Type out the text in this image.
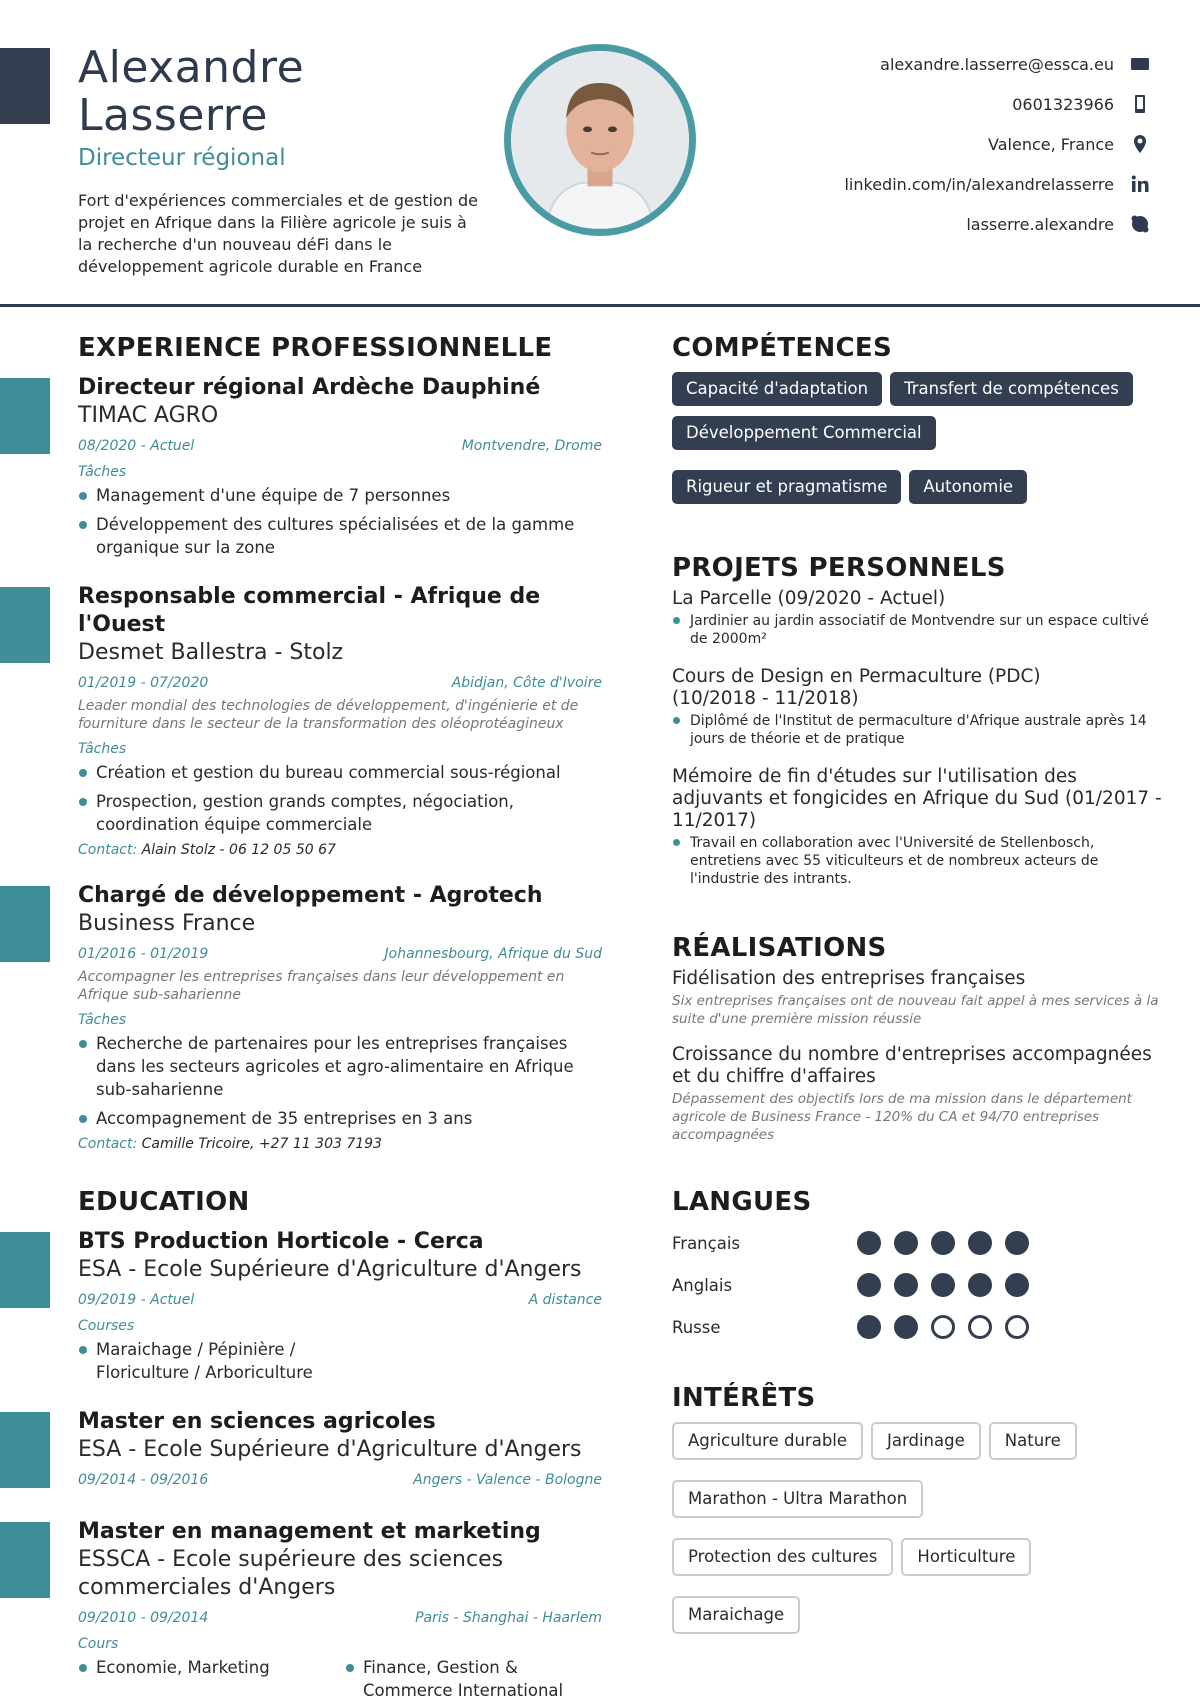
Alexandre
Lasserre
Directeur régional
Fort d'expériences commerciales et de gestion de projet en Afrique dans la Filière agricole je suis à la recherche d'un nouveau déFi dans le développement agricole durable en France
alexandre.lasserre@essca.eu
0601323966
Valence, France
linkedin.com/in/alexandrelasserre
lasserre.alexandre
EXPERIENCE PROFESSIONNELLE
Directeur régional Ardèche Dauphiné
TIMAC AGRO
08/2020 - Actuel	Montvendre, Drome
Tâches
Management d'une équipe de 7 personnes
Développement des cultures spécialisées et de la gamme organique sur la zone
Responsable commercial - Afrique de l'Ouest
Desmet Ballestra - Stolz
01/2019 - 07/2020	Abidjan, Côte d'Ivoire
Leader mondial des technologies de développement, d'ingénierie et de fourniture dans le secteur de la transformation des oléoprotéagineux
Tâches
Création et gestion du bureau commercial sous-régional
Prospection, gestion grands comptes, négociation, coordination équipe commerciale
Contact: Alain Stolz - 06 12 05 50 67
Chargé de développement - Agrotech
Business France
01/2016 - 01/2019	Johannesbourg, Afrique du Sud
Accompagner les entreprises françaises dans leur développement en Afrique sub-saharienne
Tâches
Recherche de partenaires pour les entreprises françaises dans les secteurs agricoles et agro-alimentaire en Afrique sub-saharienne
Accompagnement de 35 entreprises en 3 ans
Contact: Camille Tricoire, +27 11 303 7193
EDUCATION
BTS Production Horticole - Cerca
ESA - Ecole Supérieure d'Agriculture d'Angers
09/2019 - Actuel	A distance
Courses
Maraichage / Pépinière / Floriculture / Arboriculture
Master en sciences agricoles
ESA - Ecole Supérieure d'Agriculture d'Angers
09/2014 - 09/2016	Angers - Valence - Bologne
Master en management et marketing
ESSCA - Ecole supérieure des sciences commerciales d'Angers
09/2010 - 09/2014	Paris - Shanghai - Haarlem
Cours
Economie, Marketing	Finance, Gestion & Commerce International
COMPÉTENCES
Capacité d'adaptation	Transfert de compétences
Développement Commercial
Rigueur et pragmatisme	Autonomie
PROJETS PERSONNELS
La Parcelle (09/2020 - Actuel)
Jardinier au jardin associatif de Montvendre sur un espace cultivé de 2000m²
Cours de Design en Permaculture (PDC) (10/2018 - 11/2018)
Diplômé de l'Institut de permaculture d'Afrique australe après 14 jours de théorie et de pratique
Mémoire de fin d'études sur l'utilisation des adjuvants et fongicides en Afrique du Sud (01/2017 - 11/2017)
Travail en collaboration avec l'Université de Stellenbosch, entretiens avec 55 viticulteurs et de nombreux acteurs de l'industrie des intrants.
RÉALISATIONS
Fidélisation des entreprises françaises
Six entreprises françaises ont de nouveau fait appel à mes services à la suite d'une première mission réussie
Croissance du nombre d'entreprises accompagnées et du chiffre d'affaires
Dépassement des objectifs lors de ma mission dans le département agricole de Business France - 120% du CA et 94/70 entreprises accompagnées
LANGUES
Français
Anglais
Russe
INTÉRÊTS
Agriculture durable	Jardinage	Nature
Marathon - Ultra Marathon
Protection des cultures	Horticulture
Maraichage
